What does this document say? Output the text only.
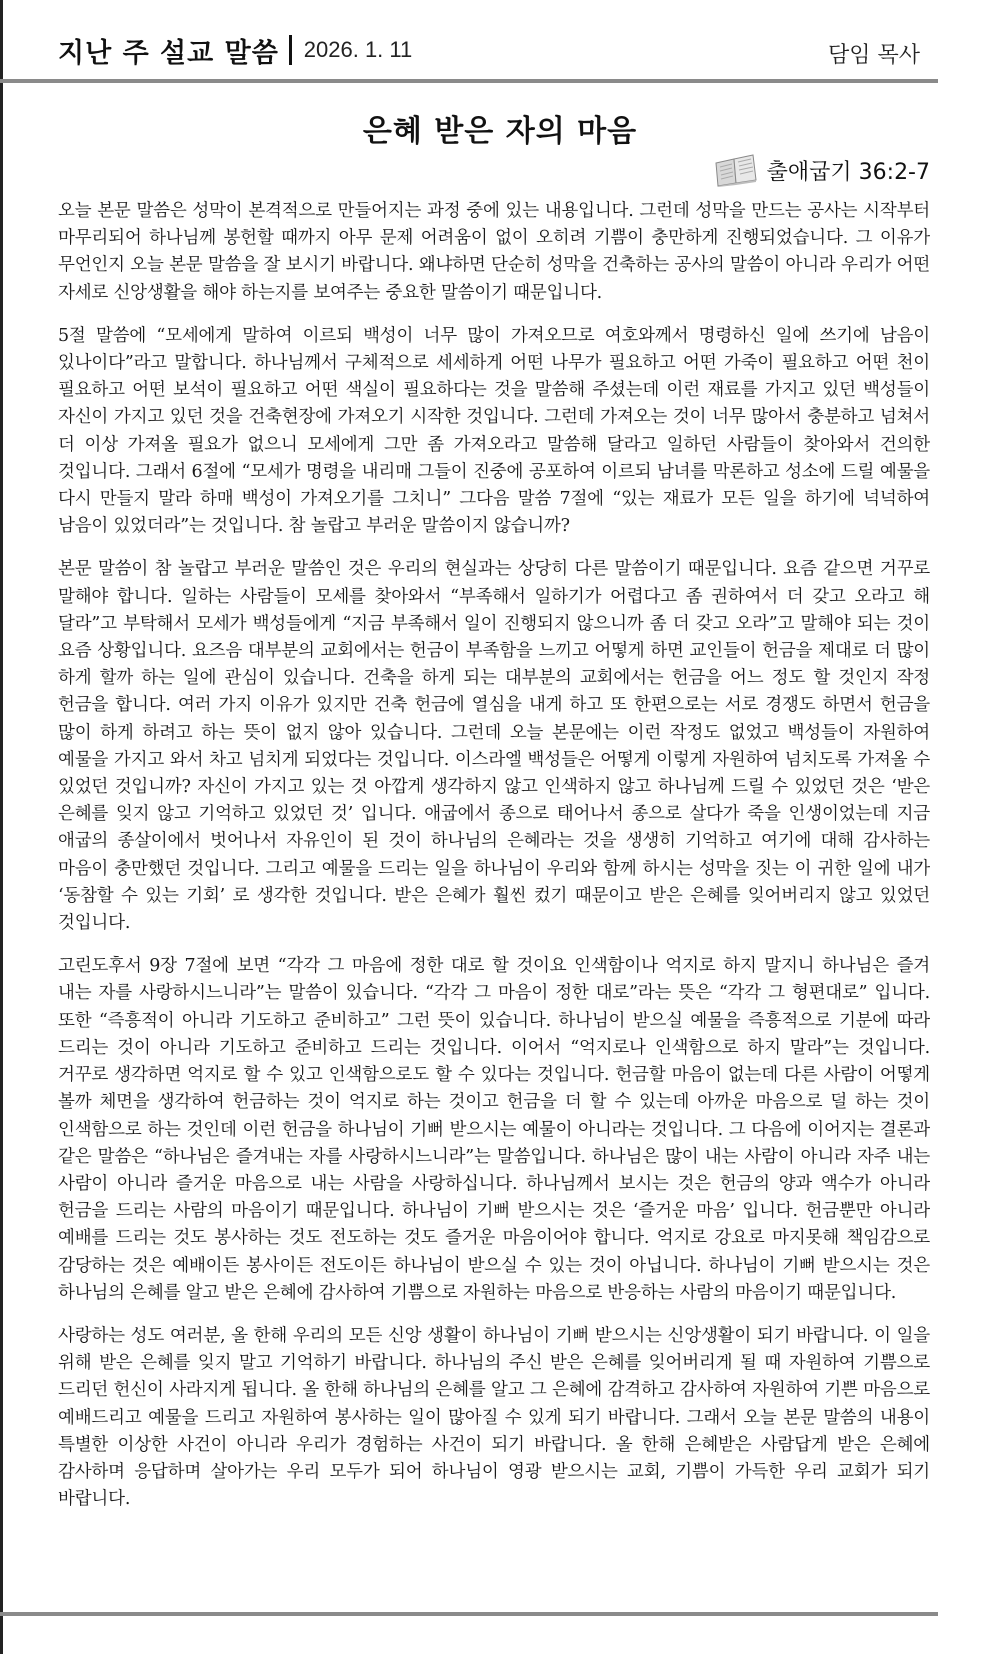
지난 주 설교 말씀 2026. 1. 11	담임 목사
은혜 받은 자의 마음
출애굽기 36:2-7

오늘 본문 말씀은 성막이 본격적으로 만들어지는 과정 중에 있는 내용입니다. 그런데 성막을 만드는 공사는 시작부터 마무리되어 하나님께 봉헌할 때까지 아무 문제 어려움이 없이 오히려 기쁨이 충만하게 진행되었습니다. 그 이유가 무언인지 오늘 본문 말씀을 잘 보시기 바랍니다. 왜냐하면 단순히 성막을 건축하는 공사의 말씀이 아니라 우리가 어떤 자세로 신앙생활을 해야 하는지를 보여주는 중요한 말씀이기 때문입니다.

5절 말씀에 “모세에게 말하여 이르되 백성이 너무 많이 가져오므로 여호와께서 명령하신 일에 쓰기에 남음이 있나이다”라고 말합니다. 하나님께서 구체적으로 세세하게 어떤 나무가 필요하고 어떤 가죽이 필요하고 어떤 천이 필요하고 어떤 보석이 필요하고 어떤 색실이 필요하다는 것을 말씀해 주셨는데 이런 재료를 가지고 있던 백성들이 자신이 가지고 있던 것을 건축현장에 가져오기 시작한 것입니다. 그런데 가져오는 것이 너무 많아서 충분하고 넘쳐서 더 이상 가져올 필요가 없으니 모세에게 그만 좀 가져오라고 말씀해 달라고 일하던 사람들이 찾아와서 건의한 것입니다. 그래서 6절에 “모세가 명령을 내리매 그들이 진중에 공포하여 이르되 남녀를 막론하고 성소에 드릴 예물을 다시 만들지 말라 하매 백성이 가져오기를 그치니” 그다음 말씀 7절에 “있는 재료가 모든 일을 하기에 넉넉하여 남음이 있었더라”는 것입니다. 참 놀랍고 부러운 말씀이지 않습니까?

본문 말씀이 참 놀랍고 부러운 말씀인 것은 우리의 현실과는 상당히 다른 말씀이기 때문입니다. 요즘 같으면 거꾸로 말해야 합니다. 일하는 사람들이 모세를 찾아와서 “부족해서 일하기가 어렵다고 좀 권하여서 더 갖고 오라고 해 달라”고 부탁해서 모세가 백성들에게 “지금 부족해서 일이 진행되지 않으니까 좀 더 갖고 오라”고 말해야 되는 것이 요즘 상황입니다. 요즈음 대부분의 교회에서는 헌금이 부족함을 느끼고 어떻게 하면 교인들이 헌금을 제대로 더 많이 하게 할까 하는 일에 관심이 있습니다. 건축을 하게 되는 대부분의 교회에서는 헌금을 어느 정도 할 것인지 작정 헌금을 합니다. 여러 가지 이유가 있지만 건축 헌금에 열심을 내게 하고 또 한편으로는 서로 경쟁도 하면서 헌금을 많이 하게 하려고 하는 뜻이 없지 않아 있습니다. 그런데 오늘 본문에는 이런 작정도 없었고 백성들이 자원하여 예물을 가지고 와서 차고 넘치게 되었다는 것입니다. 이스라엘 백성들은 어떻게 이렇게 자원하여 넘치도록 가져올 수 있었던 것입니까? 자신이 가지고 있는 것 아깝게 생각하지 않고 인색하지 않고 하나님께 드릴 수 있었던 것은 ‘받은 은혜를 잊지 않고 기억하고 있었던 것’ 입니다. 애굽에서 종으로 태어나서 종으로 살다가 죽을 인생이었는데 지금 애굽의 종살이에서 벗어나서 자유인이 된 것이 하나님의 은혜라는 것을 생생히 기억하고 여기에 대해 감사하는 마음이 충만했던 것입니다. 그리고 예물을 드리는 일을 하나님이 우리와 함께 하시는 성막을 짓는 이 귀한 일에 내가 ‘동참할 수 있는 기회’ 로 생각한 것입니다. 받은 은혜가 훨씬 컸기 때문이고 받은 은혜를 잊어버리지 않고 있었던 것입니다.

고린도후서 9장 7절에 보면 “각각 그 마음에 정한 대로 할 것이요 인색함이나 억지로 하지 말지니 하나님은 즐겨 내는 자를 사랑하시느니라”는 말씀이 있습니다. “각각 그 마음이 정한 대로”라는 뜻은 “각각 그 형편대로” 입니다. 또한 “즉흥적이 아니라 기도하고 준비하고” 그런 뜻이 있습니다. 하나님이 받으실 예물을 즉흥적으로 기분에 따라 드리는 것이 아니라 기도하고 준비하고 드리는 것입니다. 이어서 “억지로나 인색함으로 하지 말라”는 것입니다. 거꾸로 생각하면 억지로 할 수 있고 인색함으로도 할 수 있다는 것입니다. 헌금할 마음이 없는데 다른 사람이 어떻게 볼까 체면을 생각하여 헌금하는 것이 억지로 하는 것이고 헌금을 더 할 수 있는데 아까운 마음으로 덜 하는 것이 인색함으로 하는 것인데 이런 헌금을 하나님이 기뻐 받으시는 예물이 아니라는 것입니다. 그 다음에 이어지는 결론과 같은 말씀은 “하나님은 즐겨내는 자를 사랑하시느니라”는 말씀입니다. 하나님은 많이 내는 사람이 아니라 자주 내는 사람이 아니라 즐거운 마음으로 내는 사람을 사랑하십니다. 하나님께서 보시는 것은 헌금의 양과 액수가 아니라 헌금을 드리는 사람의 마음이기 때문입니다. 하나님이 기뻐 받으시는 것은 ‘즐거운 마음’ 입니다. 헌금뿐만 아니라 예배를 드리는 것도 봉사하는 것도 전도하는 것도 즐거운 마음이어야 합니다. 억지로 강요로 마지못해 책임감으로 감당하는 것은 예배이든 봉사이든 전도이든 하나님이 받으실 수 있는 것이 아닙니다. 하나님이 기뻐 받으시는 것은 하나님의 은혜를 알고 받은 은혜에 감사하여 기쁨으로 자원하는 마음으로 반응하는 사람의 마음이기 때문입니다.

사랑하는 성도 여러분, 올 한해 우리의 모든 신앙 생활이 하나님이 기뻐 받으시는 신앙생활이 되기 바랍니다. 이 일을 위해 받은 은혜를 잊지 말고 기억하기 바랍니다. 하나님의 주신 받은 은혜를 잊어버리게 될 때 자원하여 기쁨으로 드리던 헌신이 사라지게 됩니다. 올 한해 하나님의 은혜를 알고 그 은혜에 감격하고 감사하여 자원하여 기쁜 마음으로 예배드리고 예물을 드리고 자원하여 봉사하는 일이 많아질 수 있게 되기 바랍니다. 그래서 오늘 본문 말씀의 내용이 특별한 이상한 사건이 아니라 우리가 경험하는 사건이 되기 바랍니다. 올 한해 은혜받은 사람답게 받은 은혜에 감사하며 응답하며 살아가는 우리 모두가 되어 하나님이 영광 받으시는 교회, 기쁨이 가득한 우리 교회가 되기 바랍니다.
